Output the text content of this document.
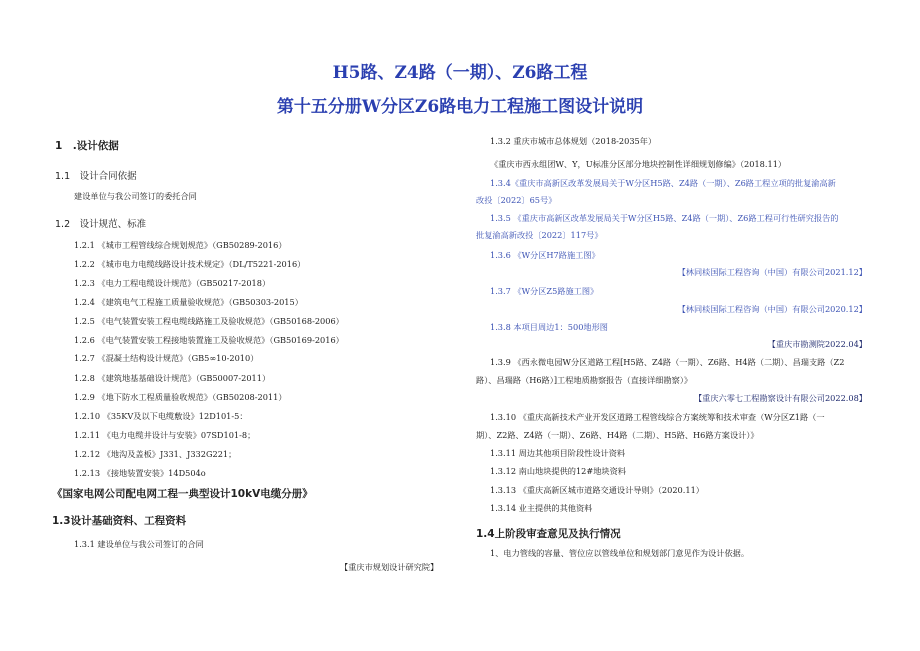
H5路、Z4路（一期）、Z6路工程
第十五分册W分区Z6路电力工程施工图设计说明
1　.设计依据
1.1　设计合同依据
建设单位与我公司签订的委托合同
1.2　设计规范、标准
1.2.1 《城市工程管线综合规划规范》（GB50289-2016）
1.2.2 《城市电力电缆线路设计技术规定》（DL/T5221-2016）
1.2.3 《电力工程电缆设计规范》（GB50217-2018）
1.2.4 《建筑电气工程施工质量验收规范》（GB50303-2015）
1.2.5 《电气装置安装工程电缆线路施工及验收规范》（GB50168-2006）
1.2.6 《电气装置安装工程接地装置施工及验收规范》（GB50169-2016）
1.2.7 《混凝土结构设计规范》（GB5∞10-2010）
1.2.8 《建筑地基基础设计规范》（GB50007-2011）
1.2.9 《地下防水工程质量验收规范》（GB50208-2011）
1.2.10 《35KV及以下电缆敷设》12D101-5：
1.2.11 《电力电缆井设计与安装》07SD101-8；
1.2.12 《地沟及盖板》J331、J332G221；
1.2.13 《接地装置安装》14D504o
《国家电网公司配电网工程一典型设计10kV电缆分册》
1.3设计基础资料、工程资料
1.3.1 建设单位与我公司签订的合同
【‌重庆市规划设计研究院】
1.3.2 重庆市城市总体规划（2018-2035年）
《重庆市西永组团W、Y，U标准分区部分地块控制性详细规划修编》（2018.11）
1.3.4《重庆市高新区改革发展局关于W分区H5路、Z4路（一期）、Z6路工程立项的批复渝高新
改投〔2022〕65号》
1.3.5 《重庆市高新区改革发展局关于W分区H5路、Z4路（一期）、Z6路工程可行性研究报告的
批复渝高新改投〔2022〕117号》
1.3.6 《W分区H7路施工图》
【林同棪国际工程咨询（中国）有限公司2021.12】
1.3.7 《W分区Z5路施工图》
【林同棪国际工程咨询（中国）有限公司2020.12】
1.3.8 本项目周边1：500地形图
【重庆市勘测院2022.04】
1.3.9 《西永微电园W分区道路工程[H5路、Z4路（一期）、Z6路、H4路（二期）、昌瑞支路（Z2
路）、昌瑞路（H6路）]工程地质勘察报告（直接详细勘察）》
【重庆六零七工程勘察设计有限公司2022.08】
1.3.10 《重庆高新技术产业开发区道路工程管线综合方案统筹和技术审查（W分区Z1路（一
期）、Z2路、Z4路（一期）、Z6路、H4路（二期）、H5路、H6路方案设计）》
1.3.11 周边其他项目阶段性设计资料
1.3.12 南山地块提供的12#地块资料
1.3.13 《重庆高新区城市道路交通设计导则》（2020.11）
1.3.14 业主提供的其他资料
1.4上阶段审查意见及执行情况
1、电力管线的容量、管位应以管线单位和规划部门意见作为设计依据。
